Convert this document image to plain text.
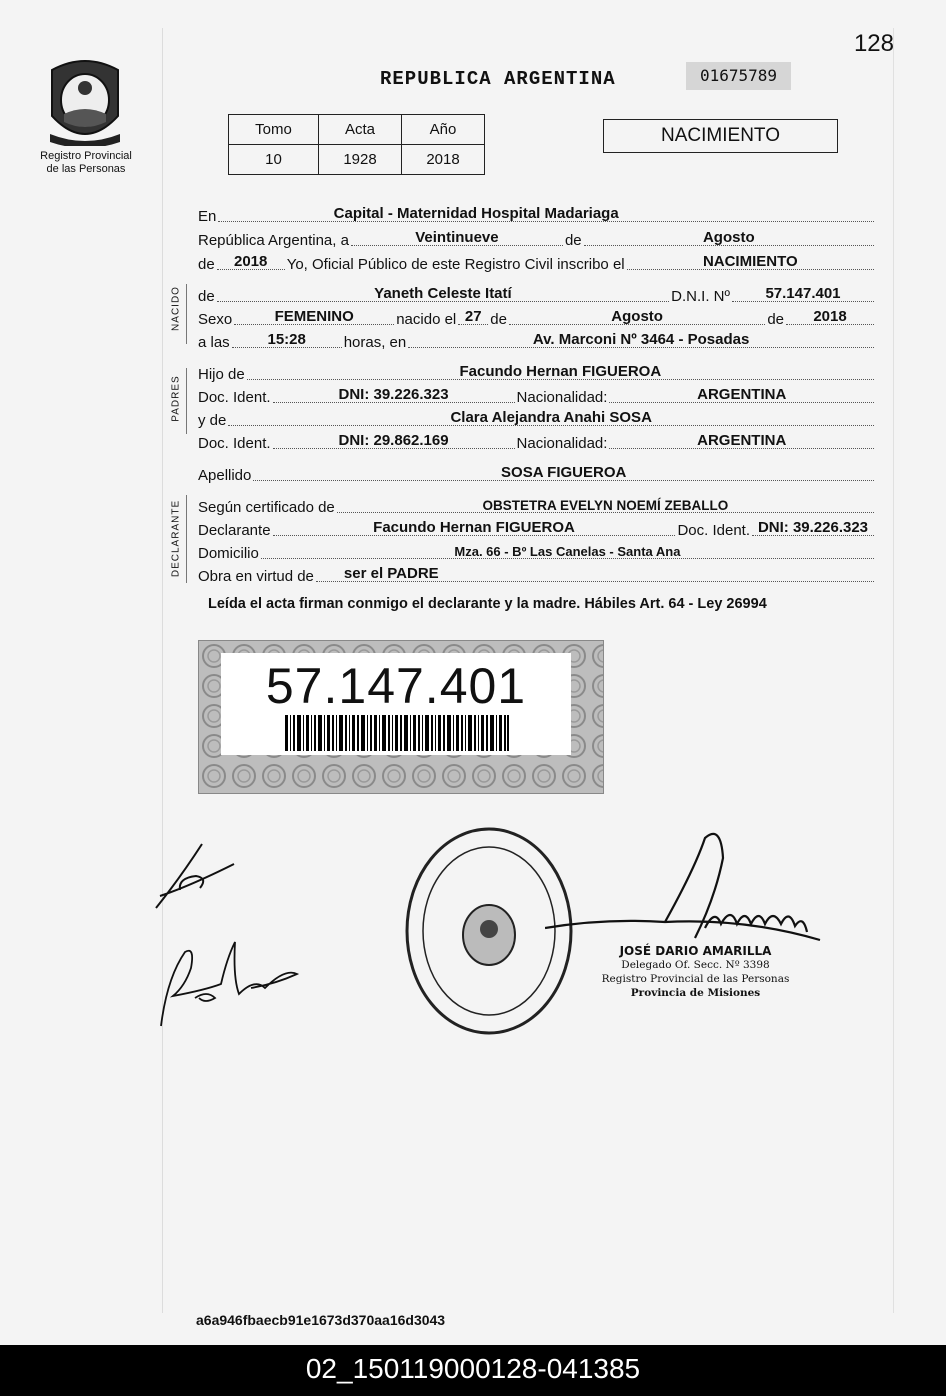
128
Registro Provincial
de las Personas
REPUBLICA ARGENTINA	01675789
Tomo	Acta	Año
10	1928	2018
NACIMIENTO
En	Capital - Maternidad Hospital Madariaga
República Argentina, a	Veintinueve	de	Agosto
de	2018	Yo, Oficial Público de este Registro Civil inscribo el	NACIMIENTO
de	Yaneth Celeste Itatí	D.N.I. Nº	57.147.401
Sexo	FEMENINO	nacido el 27 de	Agosto	de	2018
a las	15:28	horas, en	Av. Marconi Nº 3464 - Posadas
Hijo de	Facundo Hernan FIGUEROA
Doc. Ident.	DNI: 39.226.323	Nacionalidad:	ARGENTINA
y de	Clara Alejandra Anahi SOSA
Doc. Ident.	DNI: 29.862.169	Nacionalidad:	ARGENTINA
Apellido	SOSA FIGUEROA
Según certificado de	OBSTETRA EVELYN NOEMÍ ZEBALLO
Declarante	Facundo Hernan FIGUEROA	Doc. Ident. DNI: 39.226.323
Domicilio	Mza. 66 - Bº Las Canelas - Santa Ana
Obra en virtud de	ser el PADRE
NACIDO
PADRES
DECLARANTE
Leída el acta firman conmigo el declarante y la madre. Hábiles Art. 64 - Ley 26994
57.147.401
JOSÉ DARIO AMARILLA
Delegado Of. Secc. Nº 3398
Registro Provincial de las Personas
Provincia de Misiones
a6a946fbaecb91e1673d370aa16d3043
02_15011900012​8-041385
